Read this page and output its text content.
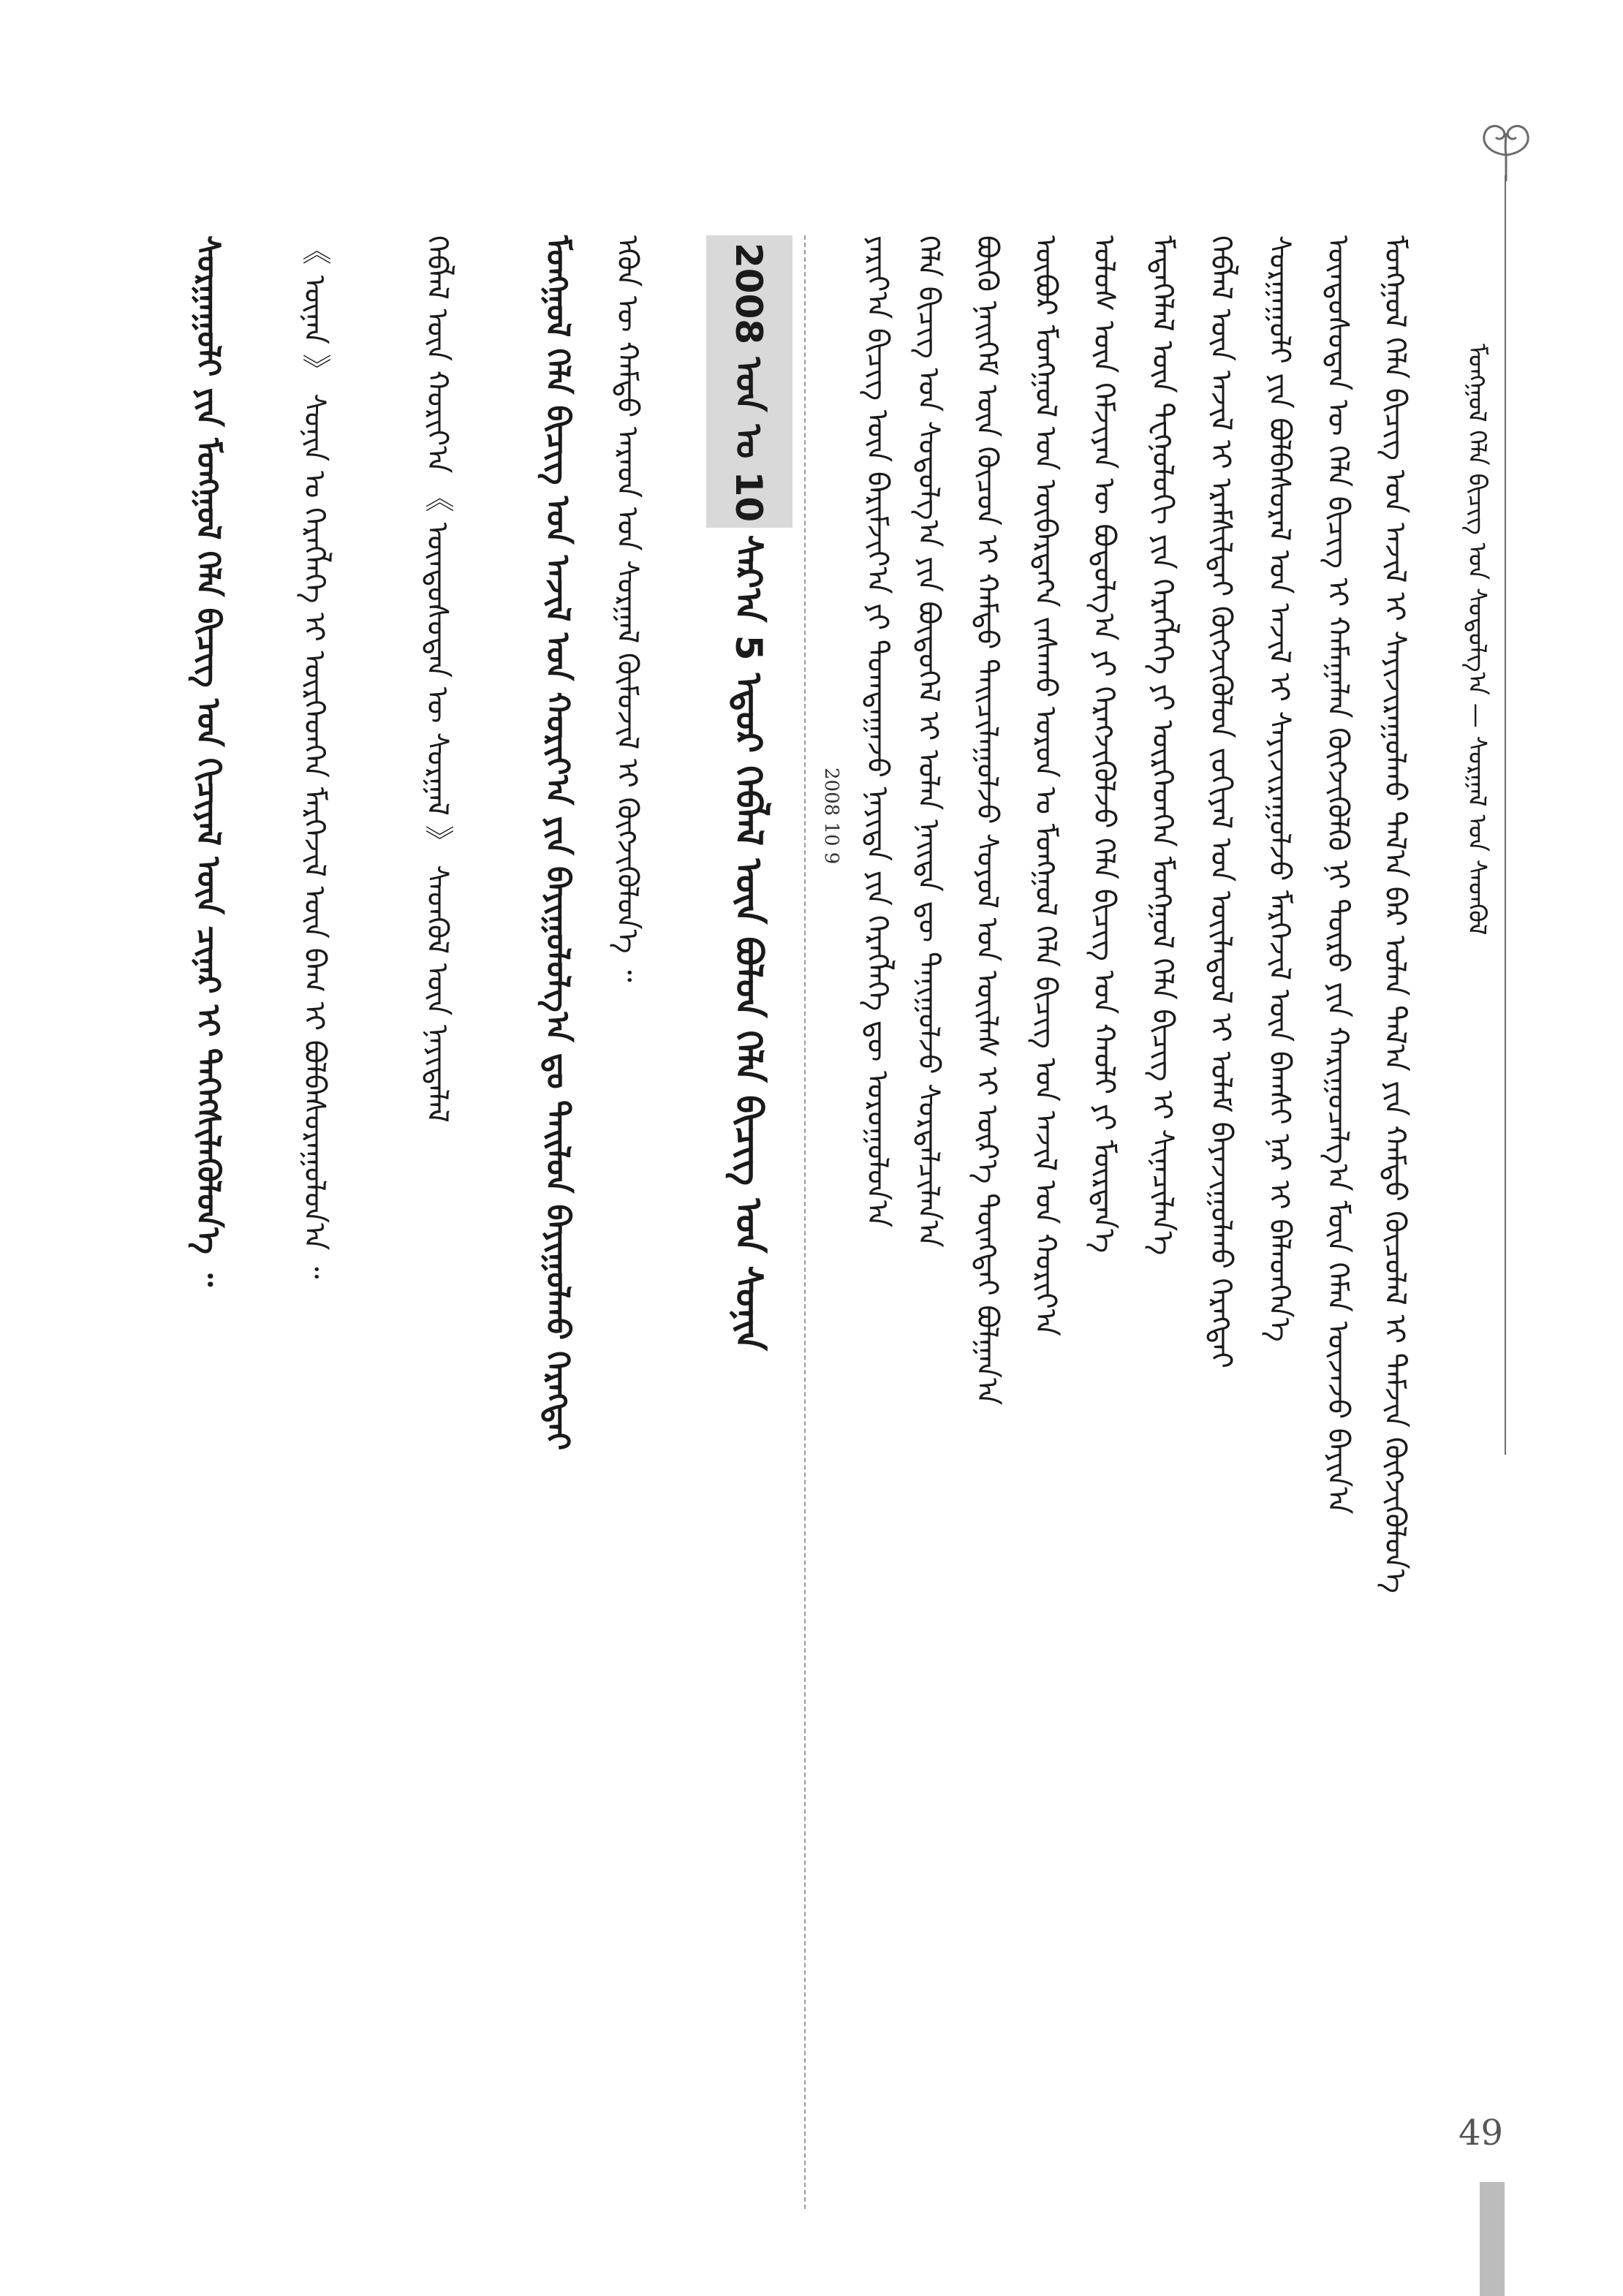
ᠮᠣᠩᠭᠣᠯ ᠬᠡᠯᠡ ᠪᠢᠴᠢᠭ ᠤᠨ ᠰᠤᠳᠤᠯᠭ᠎ᠠ — ᠰᠤᠷᠭᠠᠯ ᠤᠨ ᠰᠡᠳᠬᠦᠯ
ᠮᠣᠩᠭᠣᠯ ᠬᠡᠯᠡ ᠪᠢᠴᠢᠭ ᠤᠨ ᠠᠵᠢᠯ ᠢ ᠰᠠᠶᠢᠵᠢᠷᠠᠭᠤᠯᠬᠤ ᠲᠠᠯ᠎ᠠ ᠪᠠᠷ ᠣᠯᠠᠨ ᠲᠠᠯ᠎ᠠ ᠶᠢᠨ ᠬᠠᠮᠲᠤ ᠬᠦᠴᠦᠯᠡᠯ ᠢ ᠳᠡᠮᠵᠢᠨ ᠬᠦᠭᠵᠢᠭᠦᠯᠦᠨ᠎ᠡ
ᠦᠨᠳᠦᠰᠦᠲᠡᠨ ᠦ ᠬᠡᠯᠡ ᠪᠢᠴᠢᠭ ᠢ ᠬᠠᠮᠠᠭᠠᠯᠠᠨ ᠬᠥᠭᠵᠢᠭᠦᠯᠬᠦ ᠨᠢ ᠲᠥᠷᠦ ᠶᠢᠨ ᠬᠠᠷᠢᠭᠤᠴᠠᠯᠭ᠎ᠠ ᠮᠥᠨ ᠬᠡᠮᠡᠨ ᠦᠵᠡᠵᠦ ᠪᠠᠶᠢᠨ᠎ᠠ
ᠰᠤᠷᠭᠠᠭᠤᠯᠢ ᠶᠢᠨ ᠪᠣᠯᠪᠠᠰᠤᠷᠠᠯ ᠤᠨ ᠠᠵᠢᠯ ᠢ ᠰᠠᠶᠢᠵᠢᠷᠠᠭᠤᠯᠵᠤ ᠮᠡᠷᠭᠡᠵᠢᠯ ᠦᠨ ᠪᠠᠭᠰᠢ ᠨᠠᠷ ᠢ ᠪᠡᠯᠡᠳᠬᠡᠨ᠎ᠡ
ᠬᠡᠪᠯᠡᠯ ᠦᠨ ᠠᠵᠢᠯ ᠢ ᠡᠷᠡᠮᠰᠢᠯᠲᠡᠢ ᠬᠥᠭᠵᠢᠭᠦᠯᠦᠨ ᠵᠣᠬᠢᠶᠠᠯ ᠤᠨ ᠦᠢᠯᠡᠳᠦᠯ ᠢ ᠤᠯᠠᠮ ᠪᠠᠶᠠᠵᠢᠭᠤᠯᠬᠤ ᠬᠡᠷᠡᠭᠲᠡᠢ
ᠮᠡᠳᠡᠭᠡᠯᠡᠯ ᠦᠨ ᠲᠧᠬᠨᠣᠯᠣᠭᠢ ᠶᠢᠨ ᠬᠡᠷᠡᠭᠯᠡᠭᠡ ᠶᠢ ᠥᠷᠭᠡᠳᠬᠡᠨ ᠮᠣᠩᠭᠣᠯ ᠬᠡᠯᠡ ᠪᠢᠴᠢᠭ ᠢ ᠰᠢᠨᠡᠴᠢᠯᠡᠨ᠎ᠡ
ᠤᠯᠤᠰ ᠦᠨ ᠬᠡᠮᠵᠢᠶᠡᠨ ᠦ ᠪᠣᠳᠤᠯᠭ᠎ᠠ ᠶᠢ ᠬᠡᠷᠡᠭᠵᠢᠭᠦᠯᠵᠦ ᠬᠡᠯᠡ ᠪᠢᠴᠢᠭ ᠤᠨ ᠬᠠᠤᠯᠢ ᠶᠢ ᠮᠥᠷᠳᠡᠨ᠎ᠡ
ᠥᠪᠥᠷ ᠮᠣᠩᠭᠣᠯ ᠤᠨ ᠥᠪᠡᠷᠲᠡᠭᠨ ᠵᠠᠰᠠᠬᠤ ᠣᠷᠤᠨ ᠤ ᠮᠣᠩᠭᠣᠯ ᠬᠡᠯᠡ ᠪᠢᠴᠢᠭ ᠤᠨ ᠠᠵᠢᠯ ᠤᠨ ᠬᠣᠷᠢᠶ᠎ᠠ
ᠪᠦᠬᠦ ᠨᠡᠢᠭᠡᠮ ᠦᠨ ᠬᠦᠴᠦᠨ ᠢ ᠬᠠᠮᠲᠤ ᠳᠠᠢᠴᠢᠯᠠᠭᠤᠯᠵᠤ ᠰᠣᠶᠣᠯ ᠤᠨ ᠦᠢᠯᠡᠰ ᠢ ᠦᠷ᠎ᠡ ᠳᠦᠩᠲᠡᠢ ᠪᠣᠯᠭᠠᠨ᠎ᠠ
ᠬᠡᠯᠡ ᠪᠢᠴᠢᠭ ᠤᠨ ᠰᠤᠳᠤᠯᠭ᠎ᠠ ᠶᠢᠨ ᠪᠦᠲᠦᠭᠡᠯ ᠢ ᠣᠯᠠᠨ ᠨᠡᠢᠲᠡ ᠳᠦ ᠲᠠᠨᠢᠭᠤᠯᠵᠤ ᠰᠤᠷᠲᠠᠯᠴᠢᠯᠠᠨ᠎ᠠ
ᠶᠠᠷᠢᠶ᠎ᠠ ᠪᠢᠴᠢᠭ ᠦᠨ ᠪᠠᠷᠢᠮᠵᠢᠶ᠎ᠠ ᠶᠢ ᠲᠣᠭᠲᠠᠭᠠᠵᠤ ᠨᠡᠶᠢᠲᠡ ᠶᠢᠨ ᠬᠡᠷᠡᠭᠯᠡᠭᠡ ᠳᠦ ᠣᠷᠣᠭᠤᠯᠤᠨ᠎ᠠ
2008 10 9
2008 ᠣᠨ ᠤ 10 ᠰᠠᠷ᠎ᠠ 5 ᠡᠳᠦᠷ ᠬᠡᠪᠯᠡᠯ ᠦᠨ ᠪᠣᠯᠤᠨ ᠬᠡᠯᠡ ᠪᠢᠴᠢᠭ ᠤᠨ ᠰᠣᠨᠢᠨ
ᠡᠭᠦᠨ ᠦ ᠬᠠᠮᠲᠤ ᠠᠷᠠᠳ ᠤᠨ ᠰᠤᠷᠭᠠᠯ ᠬᠦᠮᠦᠵᠢᠯ ᠢ ᠬᠥᠭᠵᠢᠭᠦᠯᠦᠨ᠎ᠡ ᠃
ᠮᠣᠩᠭᠣᠯ ᠬᠡᠯᠡ ᠪᠢᠴᠢᠭ ᠤᠨ ᠠᠵᠢᠯ ᠤᠨ ᠬᠣᠷᠢᠶ᠎ᠠ ᠶᠢᠨ ᠪᠠᠶᠢᠭᠤᠯᠤᠯᠭ᠎ᠠ ᠳᠤ ᠲᠠᠢᠯᠤᠨ ᠪᠠᠶᠢᠭᠤᠯᠬᠤ ᠬᠡᠷᠡᠭᠲᠡᠢ
ᠬᠡᠪᠯᠡᠯ ᠦᠨ ᠬᠣᠷᠢᠶ᠎ᠠ 《 ᠦᠨᠳᠦᠰᠦᠲᠡᠨ ᠦ ᠰᠤᠷᠭᠠᠯ 》 ᠰᠡᠳᠬᠦᠯ ᠦᠨ ᠨᠡᠶᠢᠲᠡᠯᠡᠯ
《 ᠦᠨᠡᠨ 》 ᠰᠣᠨᠢᠨ ᠤ ᠬᠡᠷᠡᠭᠯᠡᠭᠡ ᠢ ᠥᠷᠭᠡᠳᠬᠡᠨ ᠮᠡᠷᠭᠡᠵᠢᠯ ᠦᠨ ᠪᠠᠭ ᠢ ᠪᠣᠯᠪᠠᠰᠤᠷᠠᠭᠤᠯᠤᠨ᠎ᠠ ᠃
ᠰᠤᠷᠭᠠᠭᠤᠯᠢ ᠶᠢᠨ ᠮᠣᠩᠭᠣᠯ ᠬᠡᠯᠡ ᠪᠢᠴᠢᠭ ᠤᠨ ᠬᠢᠴᠢᠶᠡᠯ ᠦᠨ ᠴᠢᠨᠠᠷ ᠢ ᠳᠡᠭᠡᠭᠰᠢᠯᠡᠭᠦᠯᠦᠨ᠎ᠡ ᠃
49
